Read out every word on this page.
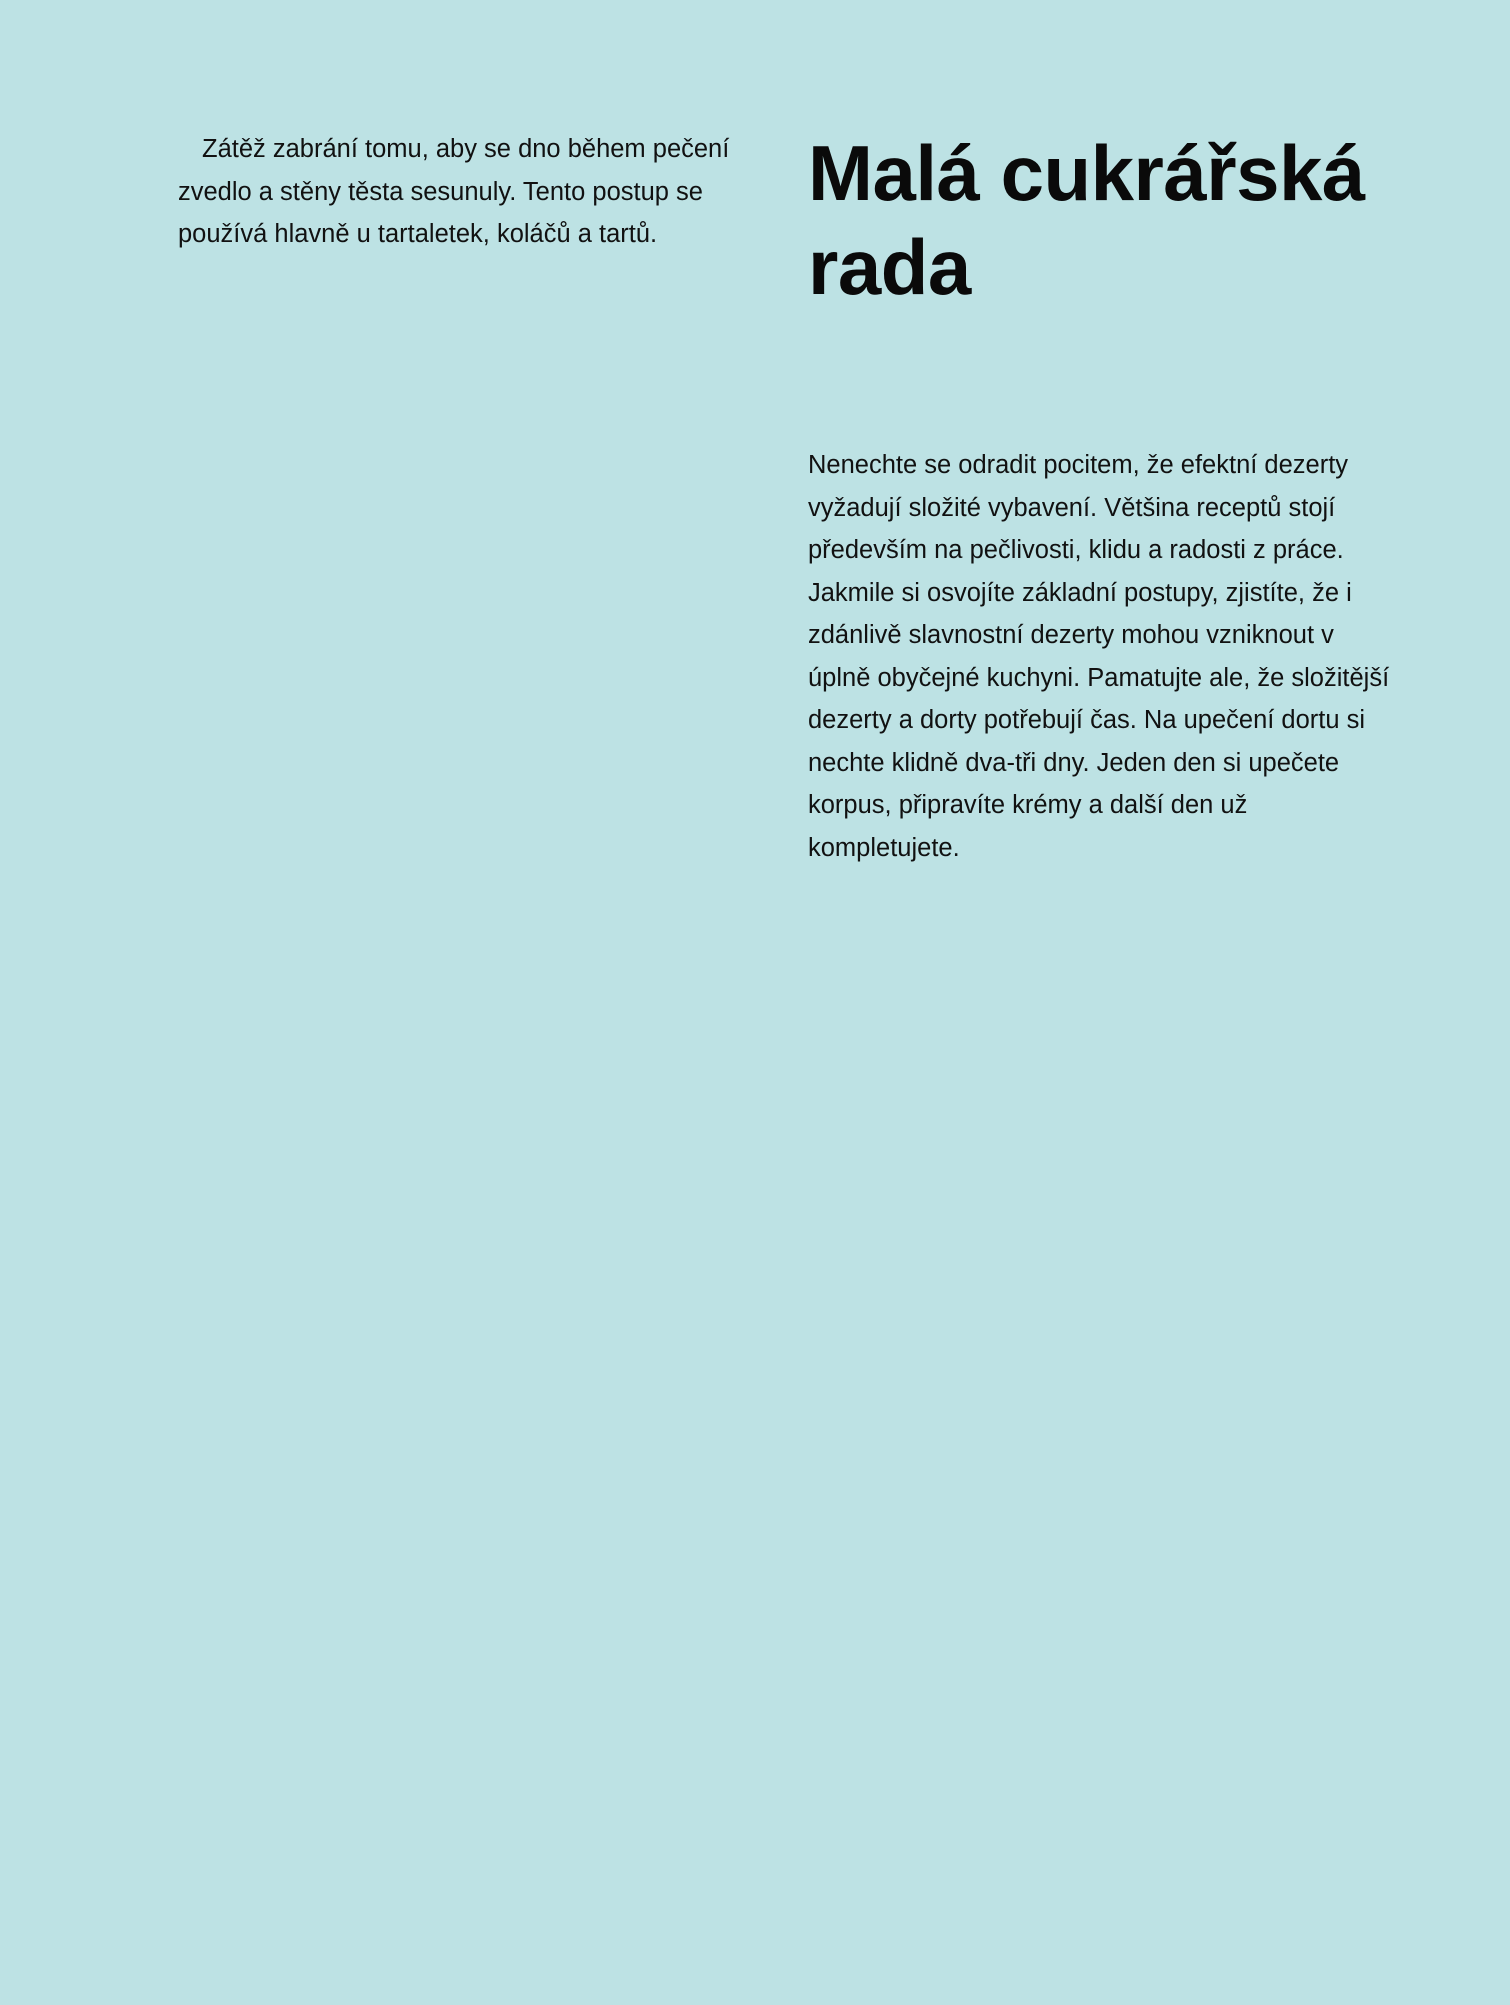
Zátěž zabrání tomu, aby se dno během pečení zvedlo a stěny těsta sesunuly. Tento postup se používá hlavně u tartaletek, koláčů a tartů.

Malá cukrářská rada

Nenechte se odradit pocitem, že efektní dezerty vyžadují složité vybavení. Většina receptů stojí především na pečlivosti, klidu a radosti z práce. Jakmile si osvojíte základní postupy, zjistíte, že i zdánlivě slavnostní dezerty mohou vzniknout v úplně obyčejné kuchyni. Pamatujte ale, že složitější dezerty a dorty potřebují čas. Na upečení dortu si nechte klidně dva-tři dny. Jeden den si upečete korpus, připravíte krémy a další den už kompletujete.
